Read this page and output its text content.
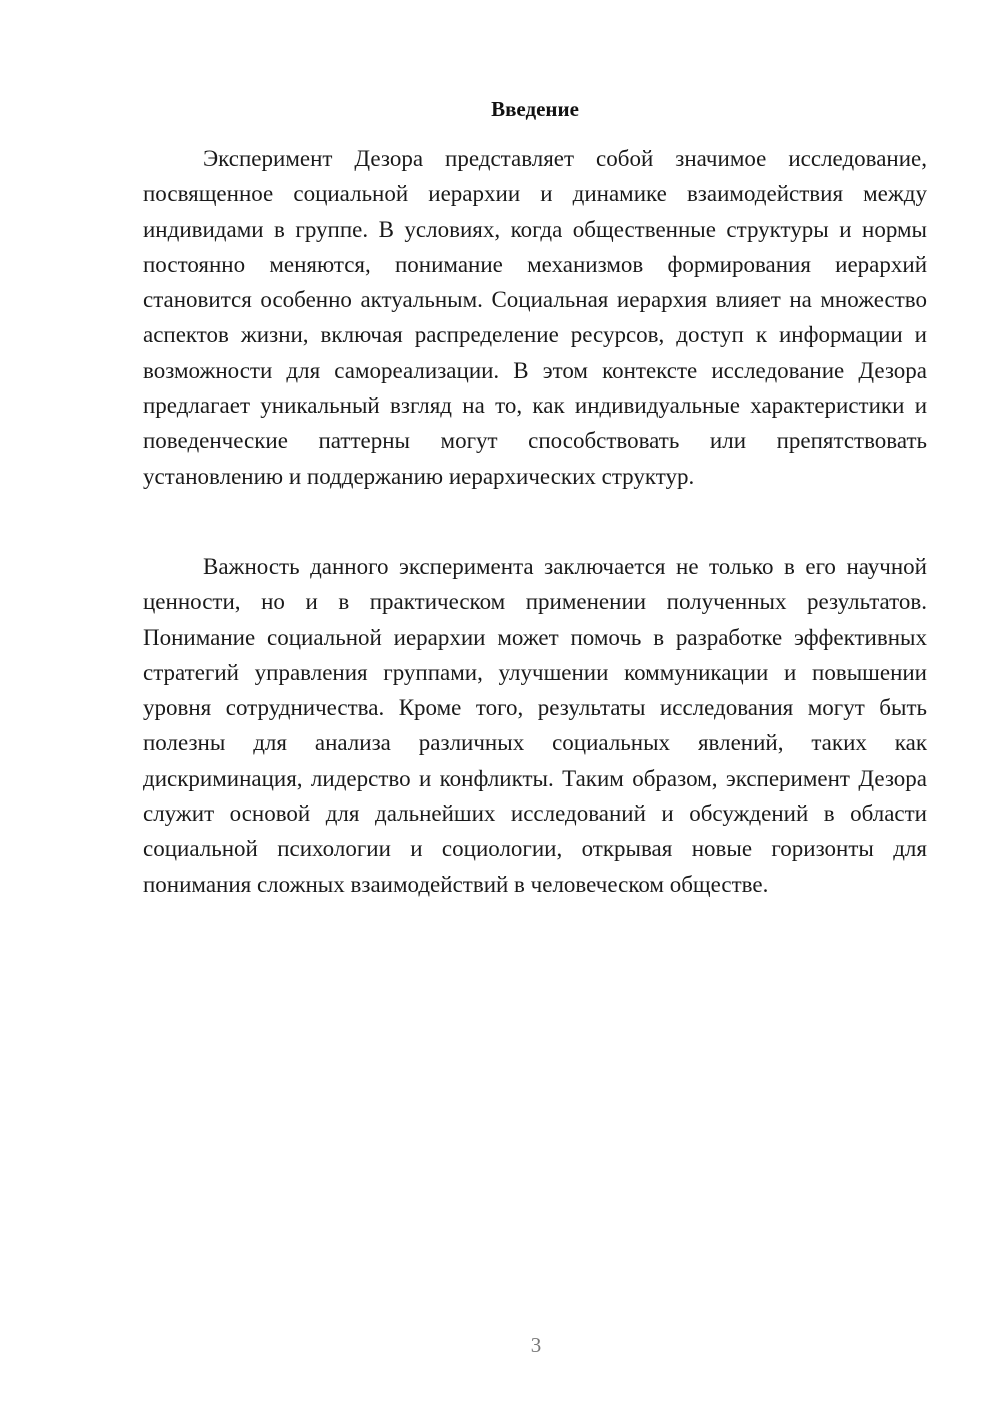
Введение

Эксперимент Дезора представляет собой значимое исследование, посвященное социальной иерархии и динамике взаимодействия между индивидами в группе. В условиях, когда общественные структуры и нормы постоянно меняются, понимание механизмов формирования иерархий становится особенно актуальным. Социальная иерархия влияет на множество аспектов жизни, включая распределение ресурсов, доступ к информации и возможности для самореализации. В этом контексте исследование Дезора предлагает уникальный взгляд на то, как индивидуальные характеристики и поведенческие паттерны могут способствовать или препятствовать установлению и поддержанию иерархических структур.

Важность данного эксперимента заключается не только в его научной ценности, но и в практическом применении полученных результатов. Понимание социальной иерархии может помочь в разработке эффективных стратегий управления группами, улучшении коммуникации и повышении уровня сотрудничества. Кроме того, результаты исследования могут быть полезны для анализа различных социальных явлений, таких как дискриминация, лидерство и конфликты. Таким образом, эксперимент Дезора служит основой для дальнейших исследований и обсуждений в области социальной психологии и социологии, открывая новые горизонты для понимания сложных взаимодействий в человеческом обществе.

3
